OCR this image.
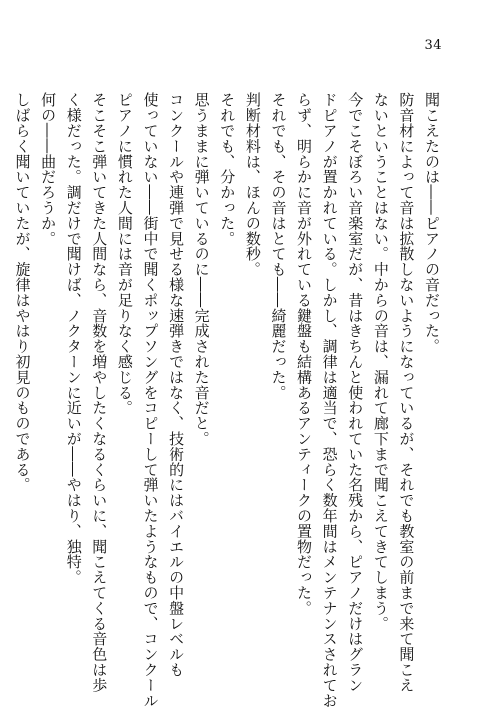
34
聞こえたのは――ピアノの音だった。
防音材によって音は拡散しないようになっているが、それでも教室の前まで来て聞こえ
ないということはない。中からの音は、漏れて廊下まで聞こえてきてしまう。
今でこそぼろい音楽室だが、昔はきちんと使われていた名残から、ピアノだけはグラン
ドピアノが置かれている。しかし、調律は適当で、恐らく数年間はメンテナンスされてお
らず、明らかに音が外れている鍵盤も結構あるアンティークの置物だった。
それでも、その音はとても――綺麗だった。
判断材料は、ほんの数秒。
それでも、分かった。
思うままに弾いているのに――完成された音だと。
コンクールや連弾で見せる様な速弾きではなく、技術的にはバイエルの中盤レベルも
使っていない――街中で聞くポップソングをコピーして弾いたようなもので、コンクール
ピアノに慣れた人間には音が足りなく感じる。
そこそこ弾いてきた人間なら、音数を増やしたくなるくらいに、聞こえてくる音色は歩
く様だった。調だけで聞けば、ノクターンに近いが――やはり、独特。
何の――曲だろうか。
しばらく聞いていたが、旋律はやはり初見のものである。
